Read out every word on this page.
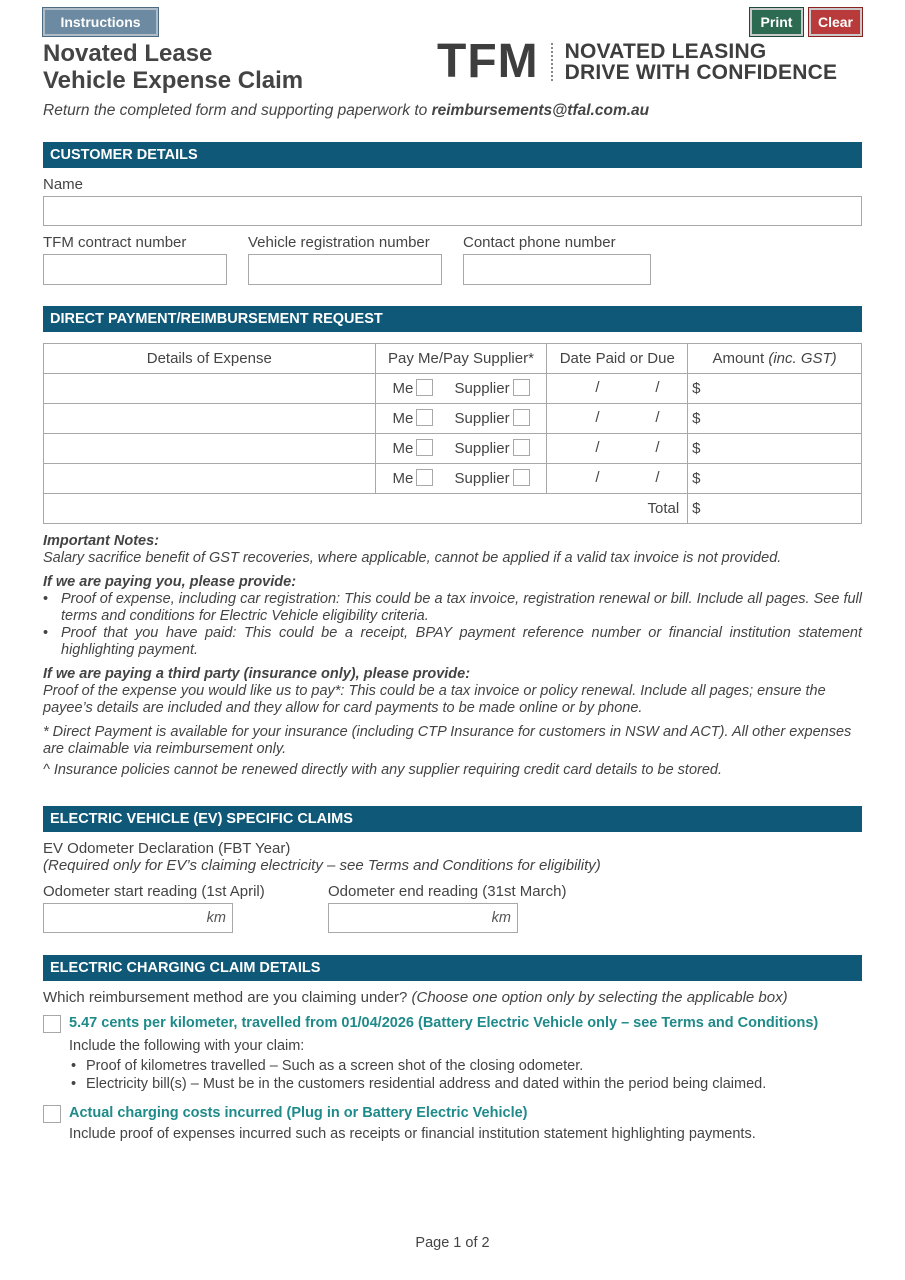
Instructions	Print	Clear
Novated Lease
Vehicle Expense Claim	TFM NOVATED LEASING
DRIVE WITH CONFIDENCE
Return the completed form and supporting paperwork to reimbursements@tfal.com.au
CUSTOMER DETAILS
Name
TFM contract number	Vehicle registration number Contact phone number
DIRECT PAYMENT/REIMBURSEMENT REQUEST
Details of Expense	Pay Me/Pay Supplier*	Date Paid or Due	Amount (inc. GST)

	Me Supplier	/ /	$

	Me Supplier	/ /	$

	Me Supplier	/ /	$

	Me Supplier	/ /	$
Total			$
Important Notes:
Salary sacrifice benefit of GST recoveries, where applicable, cannot be applied if a valid tax invoice is not provided.
If we are paying you, please provide:
• Proof of expense, including car registration: This could be a tax invoice, registration renewal or bill. Include all pages. See full terms and conditions for Electric Vehicle eligibility criteria.
• Proof that you have paid: This could be a receipt, BPAY payment reference number or financial institution statement highlighting payment.
If we are paying a third party (insurance only), please provide:
Proof of the expense you would like us to pay*: This could be a tax invoice or policy renewal. Include all pages; ensure the payee’s details are included and they allow for card payments to be made online or by phone.
* Direct Payment is available for your insurance (including CTP Insurance for customers in NSW and ACT). All other expenses are claimable via reimbursement only.
^ Insurance policies cannot be renewed directly with any supplier requiring credit card details to be stored.
ELECTRIC VEHICLE (EV) SPECIFIC CLAIMS
EV Odometer Declaration (FBT Year)
(Required only for EV’s claiming electricity – see Terms and Conditions for eligibility)
Odometer start reading (1st April)
km
Odometer end reading (31st March)
km
ELECTRIC CHARGING CLAIM DETAILS
Which reimbursement method are you claiming under? (Choose one option only by selecting the applicable box)
5.47 cents per kilometer, travelled from 01/04/2026 (Battery Electric Vehicle only – see Terms and Conditions)
Include the following with your claim:
• Proof of kilometres travelled – Such as a screen shot of the closing odometer.
• Electricity bill(s) – Must be in the customers residential address and dated within the period being claimed.
Actual charging costs incurred (Plug in or Battery Electric Vehicle)
Include proof of expenses incurred such as receipts or financial institution statement highlighting payments.
Page 1 of 2
